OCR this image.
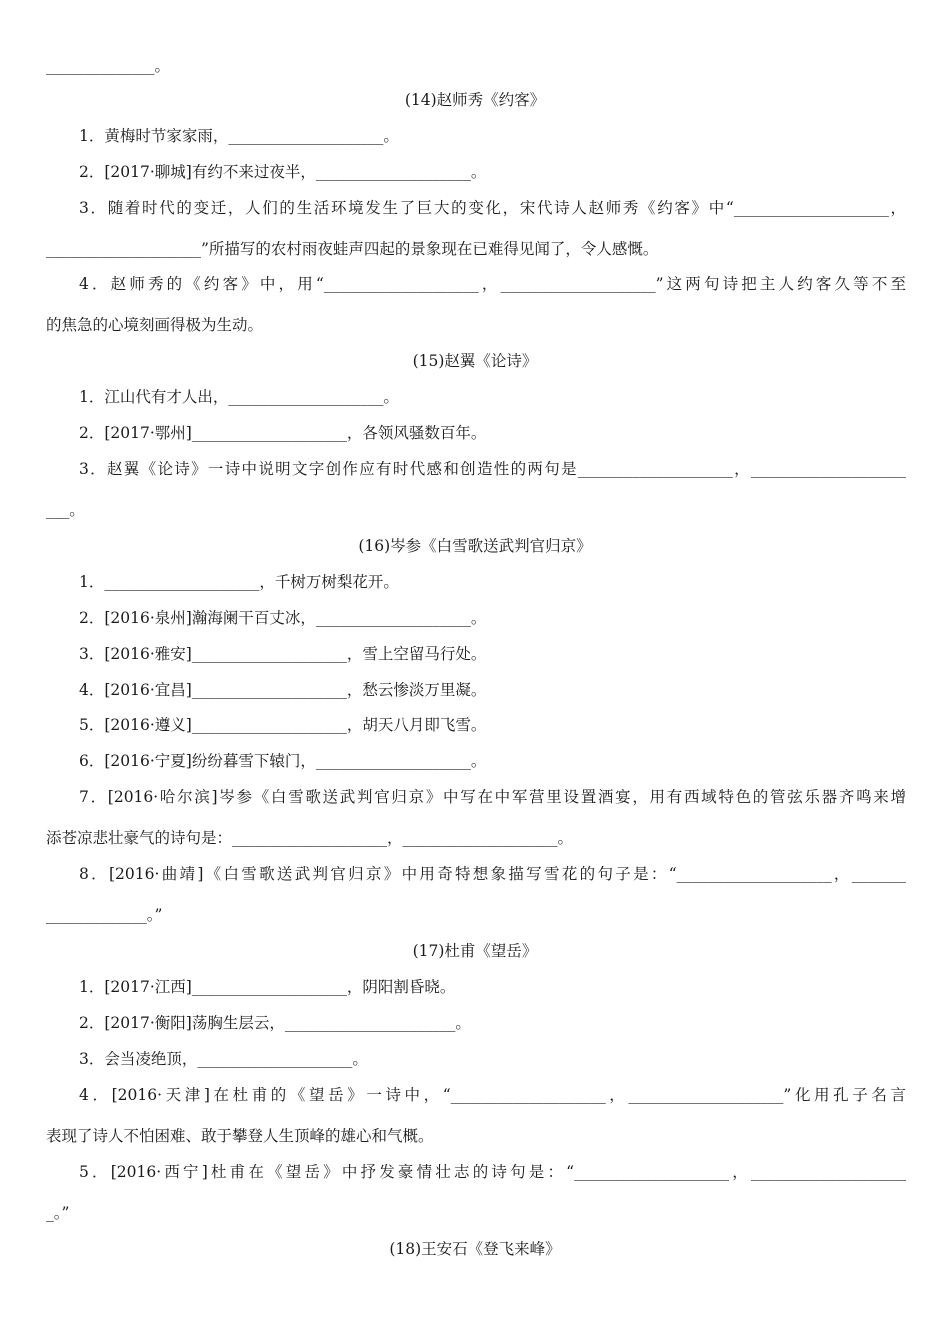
______________。
(14)赵师秀《约客》
1．黄梅时节家家雨，____________________。
2．[2017·聊城]有约不来过夜半，____________________。
3．随着时代的变迁，人们的生活环境发生了巨大的变化，宋代诗人赵师秀《约客》中“____________________，
____________________”所描写的农村雨夜蛙声四起的景象现在已难得见闻了，令人感慨。
4．赵师秀的《约客》中，用“____________________，____________________”这两句诗把主人约客久等不至
的焦急的心境刻画得极为生动。
(15)赵翼《论诗》
1．江山代有才人出，____________________。
2．[2017·鄂州]____________________，各领风骚数百年。
3．赵翼《论诗》一诗中说明文字创作应有时代感和创造性的两句是____________________，____________________
___。
(16)岑参《白雪歌送武判官归京》
1．____________________，千树万树梨花开。
2．[2016·泉州]瀚海阑干百丈冰，____________________。
3．[2016·雅安]____________________，雪上空留马行处。
4．[2016·宜昌]____________________，愁云惨淡万里凝。
5．[2016·遵义]____________________，胡天八月即飞雪。
6．[2016·宁夏]纷纷暮雪下辕门，____________________。
7．[2016·哈尔滨]岑参《白雪歌送武判官归京》中写在中军营里设置酒宴，用有西域特色的管弦乐器齐鸣来增
添苍凉悲壮豪气的诗句是：____________________，____________________。
8．[2016·曲靖]《白雪歌送武判官归京》中用奇特想象描写雪花的句子是：“____________________，_______
_____________。”
(17)杜甫《望岳》
1．[2017·江西]____________________，阴阳割昏晓。
2．[2017·衡阳]荡胸生层云，______________________。
3．会当凌绝顶，____________________。
4．[2016·天津]在杜甫的《望岳》一诗中，“____________________，____________________”化用孔子名言
表现了诗人不怕困难、敢于攀登人生顶峰的雄心和气概。
5．[2016·西宁]杜甫在《望岳》中抒发豪情壮志的诗句是：“____________________，____________________
_。”
(18)王安石《登飞来峰》
